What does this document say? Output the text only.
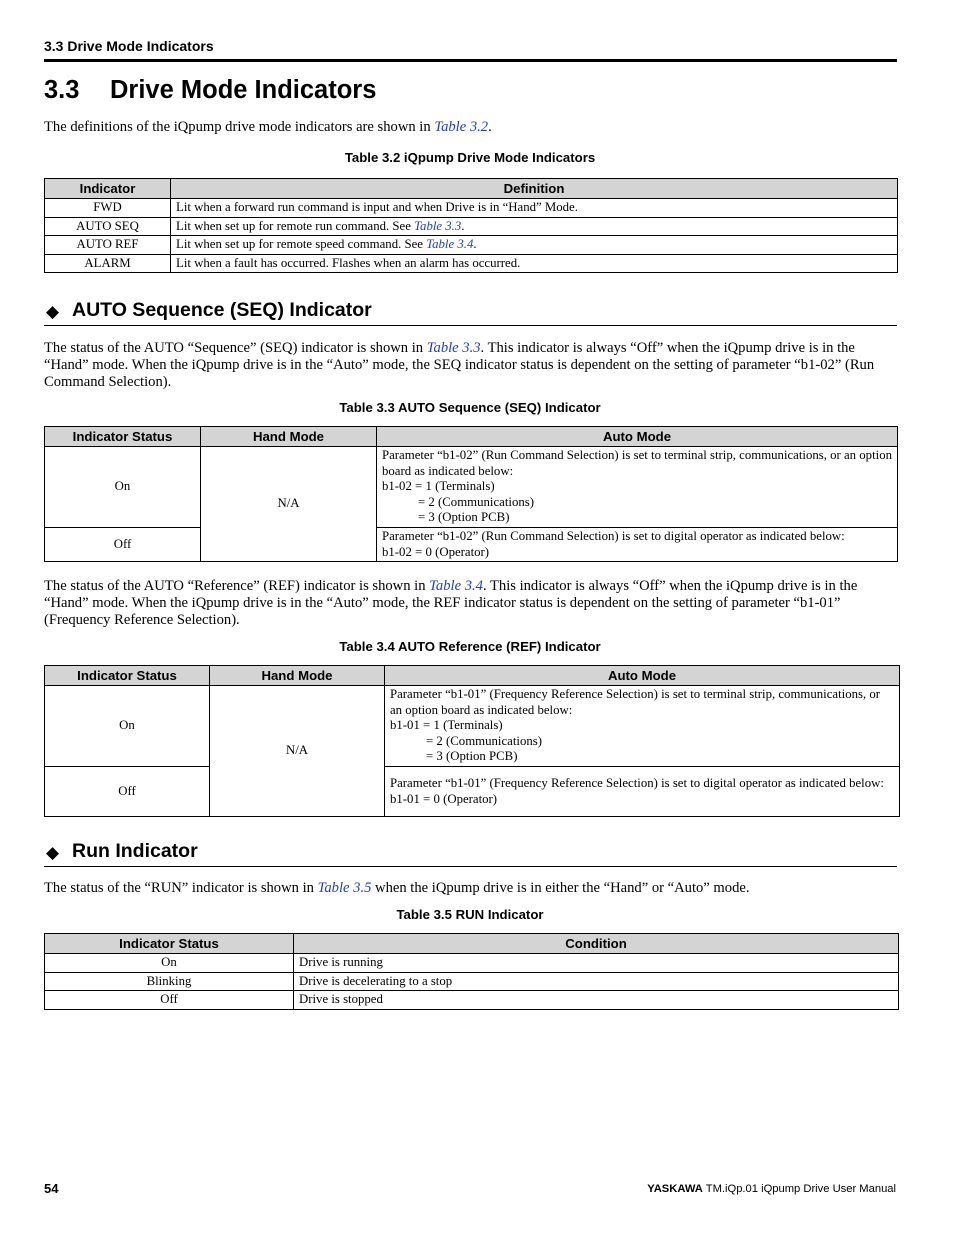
3.3 Drive Mode Indicators
3.3 Drive Mode Indicators
The definitions of the iQpump drive mode indicators are shown in Table 3.2.
Table 3.2 iQpump Drive Mode Indicators
Indicator	Definition
FWD	Lit when a forward run command is input and when Drive is in “Hand” Mode.
AUTO SEQ	Lit when set up for remote run command. See Table 3.3.
AUTO REF	Lit when set up for remote speed command. See Table 3.4.
ALARM	Lit when a fault has occurred. Flashes when an alarm has occurred.
◆ AUTO Sequence (SEQ) Indicator
The status of the AUTO “Sequence” (SEQ) indicator is shown in Table 3.3. This indicator is always “Off” when the iQpump drive is in the “Hand” mode. When the iQpump drive is in the “Auto” mode, the SEQ indicator status is dependent on the setting of parameter “b1-02” (Run Command Selection).
Table 3.3 AUTO Sequence (SEQ) Indicator
Indicator Status	Hand Mode	Auto Mode
On	N/A	Parameter “b1-02” (Run Command Selection) is set to terminal strip, communications, or an option board as indicated below:
b1-02 = 1 (Terminals)
= 2 (Communications)
= 3 (Option PCB)

Off		Parameter “b1-02” (Run Command Selection) is set to digital operator as indicated below:
b1-02 = 0 (Operator)
The status of the AUTO “Reference” (REF) indicator is shown in Table 3.4. This indicator is always “Off” when the iQpump drive is in the “Hand” mode. When the iQpump drive is in the “Auto” mode, the REF indicator status is dependent on the setting of parameter “b1-01” (Frequency Reference Selection).
Table 3.4 AUTO Reference (REF) Indicator
Indicator Status	Hand Mode	Auto Mode
On	N/A	Parameter “b1-01” (Frequency Reference Selection) is set to terminal strip, communications, or an option board as indicated below:
b1-01 = 1 (Terminals)
= 2 (Communications)
= 3 (Option PCB)

Off		Parameter “b1-01” (Frequency Reference Selection) is set to digital operator as indicated below:
b1-01 = 0 (Operator)
◆ Run Indicator
The status of the “RUN” indicator is shown in Table 3.5 when the iQpump drive is in either the “Hand” or “Auto” mode.
Table 3.5 RUN Indicator
Indicator Status	Condition
On	Drive is running
Blinking	Drive is decelerating to a stop
Off	Drive is stopped
54	YASKAWA TM.iQp.01 iQpump Drive User Manual
